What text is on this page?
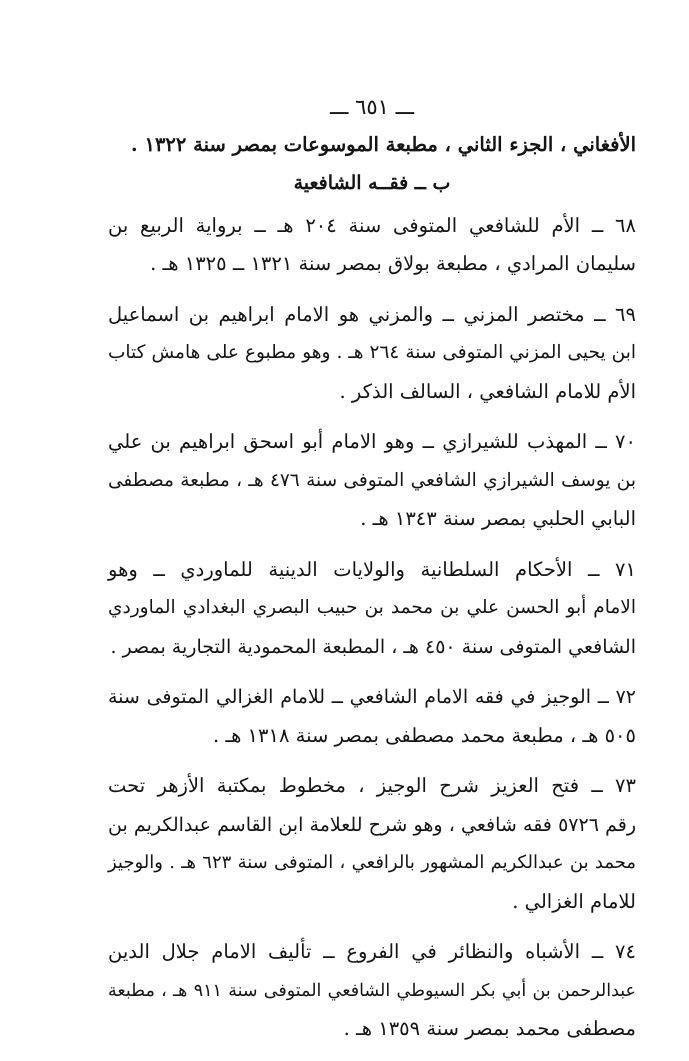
ـــ ٦٥١ ـــ
الأفغاني ، الجزء الثاني ، مطبعة الموسوعات بمصر سنة ١٣٢٢ .
ب ــ فقــه الشافعية
٦٨ ــ الأم للشافعي المتوفى سنة ٢٠٤ هـ ــ برواية الربيع بن
سليمان المرادي ، مطبعة بولاق بمصر سنة ١٣٢١ ــ ١٣٢٥ هـ .
٦٩ ــ مختصر المزني ــ والمزني هو الامام ابراهيم بن اسماعيل
ابن يحيى المزني المتوفى سنة ٢٦٤ هـ . وهو مطبوع على هامش كتاب
الأم للامام الشافعي ، السالف الذكر .
٧٠ ــ المهذب للشيرازي ــ وهو الامام أبو اسحق ابراهيم بن علي
بن يوسف الشيرازي الشافعي المتوفى سنة ٤٧٦ هـ ، مطبعة مصطفى
البابي الحلبي بمصر سنة ١٣٤٣ هـ .
٧١ ــ الأحكام السلطانية والولايات الدينية للماوردي ــ وهو
الامام أبو الحسن علي بن محمد بن حبيب البصري البغدادي الماوردي
الشافعي المتوفى سنة ٤٥٠ هـ ، المطبعة المحمودية التجارية بمصر .
٧٢ ــ الوجيز في فقه الامام الشافعي ــ للامام الغزالي المتوفى سنة
٥٠٥ هـ ، مطبعة محمد مصطفى بمصر سنة ١٣١٨ هـ .
٧٣ ــ فتح العزيز شرح الوجيز ، مخطوط بمكتبة الأزهر تحت
رقم ٥٧٢٦ فقه شافعي ، وهو شرح للعلامة ابن القاسم عبدالكريم بن
محمد بن عبدالكريم المشهور بالرافعي ، المتوفى سنة ٦٢٣ هـ . والوجيز
للامام الغزالي .
٧٤ ــ الأشباه والنظائر في الفروع ــ تأليف الامام جلال الدين
عبدالرحمن بن أبي بكر السيوطي الشافعي المتوفى سنة ٩١١ هـ ، مطبعة
مصطفى محمد بمصر سنة ١٣٥٩ هـ .
